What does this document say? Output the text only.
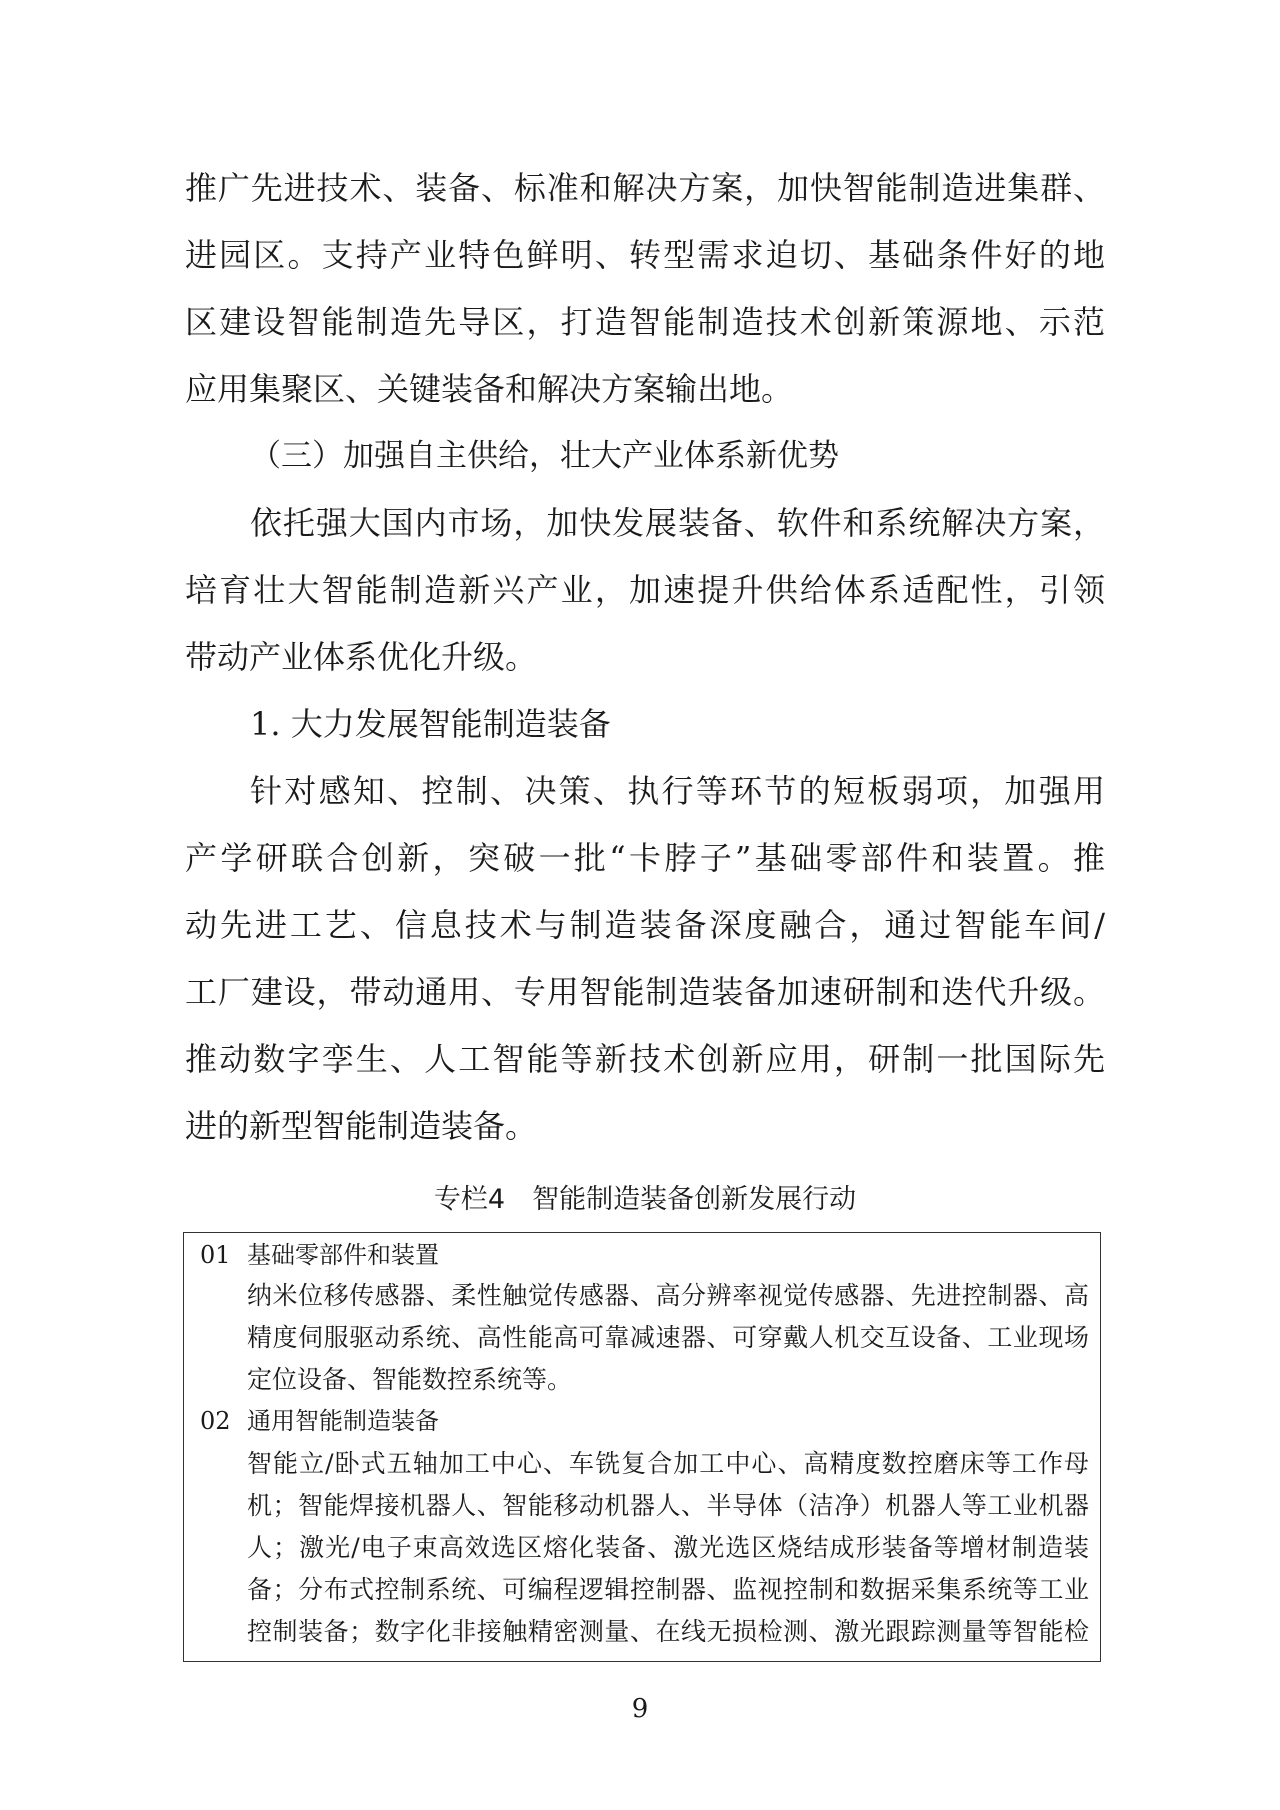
推广先进技术、装备、标准和解决方案，加快智能制造进集群、
进园区。支持产业特色鲜明、转型需求迫切、基础条件好的地
区建设智能制造先导区，打造智能制造技术创新策源地、示范
应用集聚区、关键装备和解决方案输出地。
（三）加强自主供给，壮大产业体系新优势
依托强大国内市场，加快发展装备、软件和系统解决方案，
培育壮大智能制造新兴产业，加速提升供给体系适配性，引领
带动产业体系优化升级。
1. 大力发展智能制造装备
针对感知、控制、决策、执行等环节的短板弱项，加强用
产学研联合创新，突破一批“卡脖子”基础零部件和装置。推
动先进工艺、信息技术与制造装备深度融合，通过智能车间/
工厂建设，带动通用、专用智能制造装备加速研制和迭代升级。
推动数字孪生、人工智能等新技术创新应用，研制一批国际先
进的新型智能制造装备。
专栏4　智能制造装备创新发展行动
01 基础零部件和装置
纳米位移传感器、柔性触觉传感器、高分辨率视觉传感器、先进控制器、高
精度伺服驱动系统、高性能高可靠减速器、可穿戴人机交互设备、工业现场
定位设备、智能数控系统等。
02 通用智能制造装备
智能立/卧式五轴加工中心、车铣复合加工中心、高精度数控磨床等工作母
机；智能焊接机器人、智能移动机器人、半导体（洁净）机器人等工业机器
人；激光/电子束高效选区熔化装备、激光选区烧结成形装备等增材制造装
备；分布式控制系统、可编程逻辑控制器、监视控制和数据采集系统等工业
控制装备；数字化非接触精密测量、在线无损检测、激光跟踪测量等智能检
9
